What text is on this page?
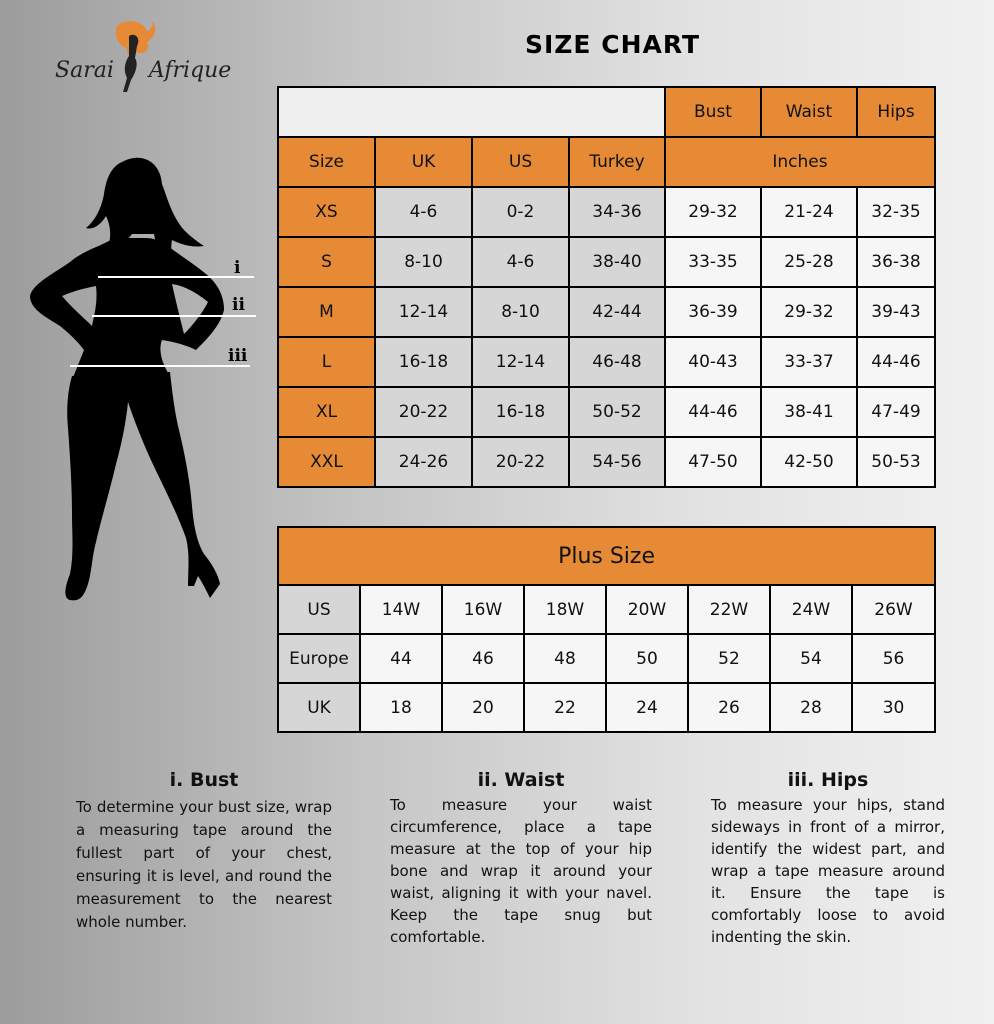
Sarai Afrique
SIZE CHART
i
ii
iii
				Bust	Waist	Hips
Size	UK	US	Turkey	Inches		
XS	4-6	0-2	34-36	29-32	21-24	32-35
S	8-10	4-6	38-40	33-35	25-28	36-38
M	12-14	8-10	42-44	36-39	29-32	39-43
L	16-18	12-14	46-48	40-43	33-37	44-46
XL	20-22	16-18	50-52	44-46	38-41	47-49
XXL	24-26	20-22	54-56	47-50	42-50	50-53
Plus Size							
US	14W	16W	18W	20W	22W	24W	26W
Europe	44	46	48	50	52	54	56
UK	18	20	22	24	26	28	30
i. Bust
To determine your bust size, wrap a measuring tape around the fullest part of your chest, ensuring it is level, and round the measurement to the nearest whole number.
ii. Waist
To measure your waist circumference, place a tape measure at the top of your hip bone and wrap it around your waist, aligning it with your navel. Keep the tape snug but comfortable.
iii. Hips
To measure your hips, stand sideways in front of a mirror, identify the widest part, and wrap a tape measure around it. Ensure the tape is comfortably loose to avoid indenting the skin.
